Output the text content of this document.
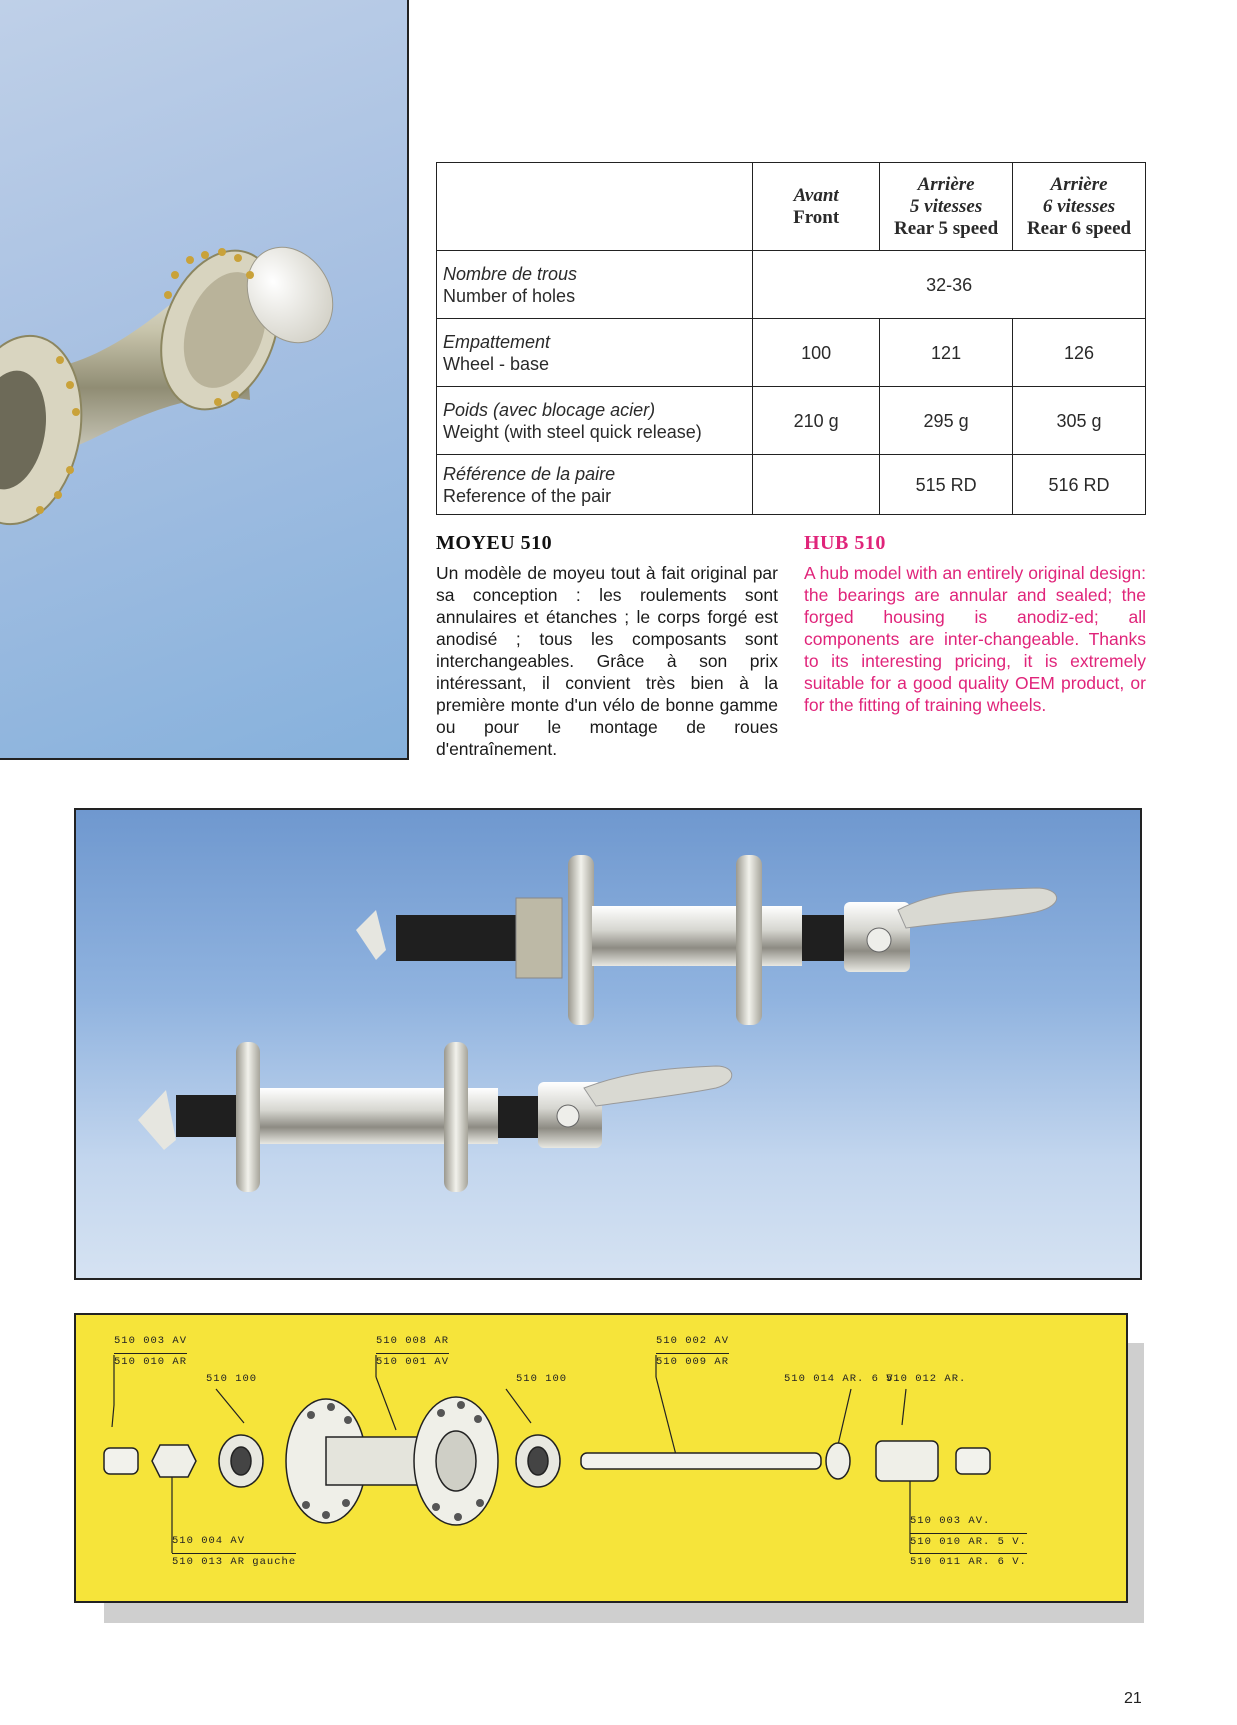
	Avant
Front	Arrière
5 vitesses
Rear 5 speed	Arrière
6 vitesses
Rear 6 speed

Nombre de trous
Number of holes	32-36		

Empattement
Wheel - base	100	121	126

Poids (avec blocage acier)
Weight (with steel quick release)	210 g	295 g	305 g

Référence de la paire
Reference of the pair		515 RD	516 RD
MOYEU 510
Un modèle de moyeu tout à fait original par sa conception : les roulements sont annulaires et étanches ; le corps forgé est anodisé ; tous les composants sont interchangeables. Grâce à son prix intéressant, il convient très bien à la première monte d'un vélo de bonne gamme ou pour le montage de roues d'entraînement.
HUB 510
A hub model with an entirely original design: the bearings are annular and sealed; the forged housing is anodiz-ed; all components are inter-changeable. Thanks to its interesting pricing, it is extremely suitable for a good quality OEM product, or for the fitting of training wheels.
510 003 AV
510 010 AR
510 100
510 008 AR
510 001 AV
510 100
510 002 AV
510 009 AR
510 014 AR. 6 V.
510 012 AR.
510 004 AV
510 013 AR gauche
510 003 AV.
510 010 AR. 5 V.
510 011 AR. 6 V.
21
